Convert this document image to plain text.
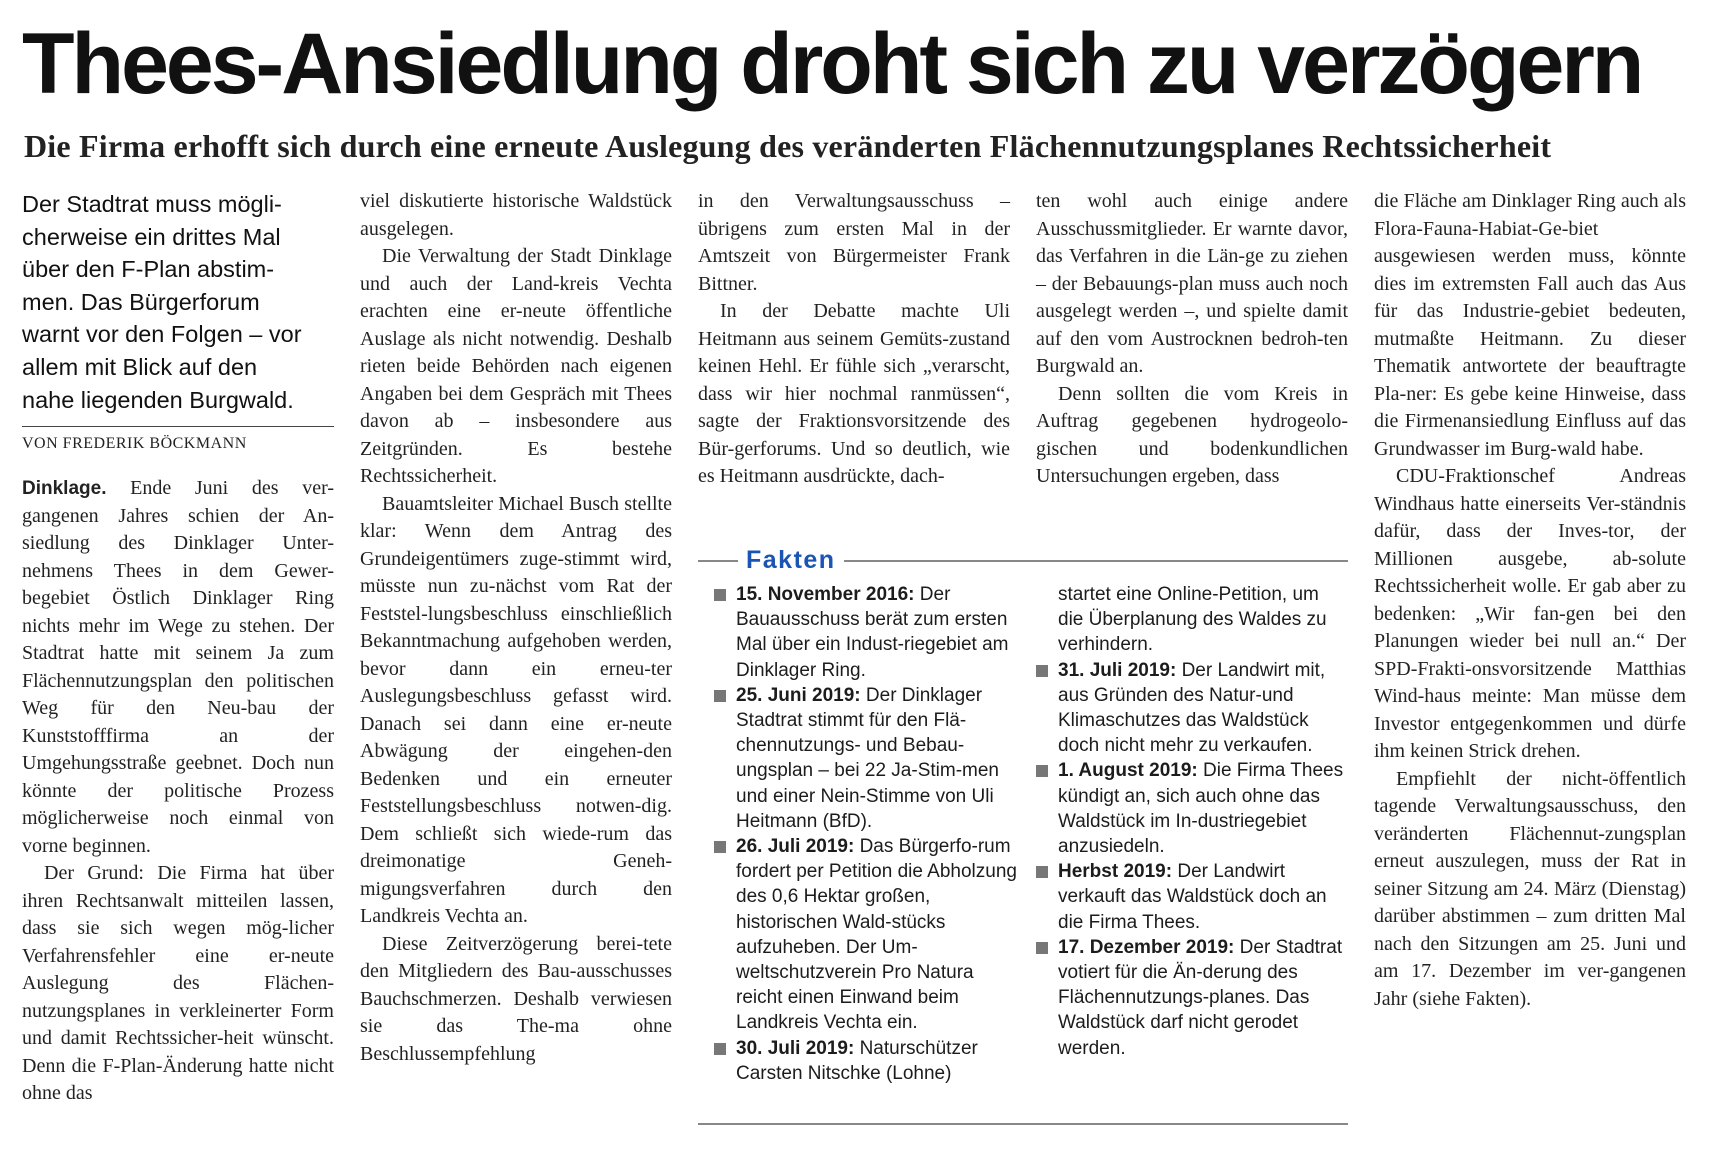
Thees-Ansiedlung droht sich zu verzögern
Die Firma erhofft sich durch eine erneute Auslegung des veränderten Flächennutzungsplanes Rechtssicherheit
Der Stadtrat muss mögli-
cherweise ein drittes Mal
über den F-Plan abstim-
men. Das Bürgerforum
warnt vor den Folgen – vor
allem mit Blick auf den
nahe liegenden Burgwald.
VON FREDERIK BÖCKMANN

Dinklage. Ende Juni des ver-gangenen Jahres schien der An-siedlung des Dinklager Unter-nehmens Thees in dem Gewer-begebiet Östlich Dinklager Ring nichts mehr im Wege zu stehen. Der Stadtrat hatte mit seinem Ja zum Flächennutzungsplan den politischen Weg für den Neu-bau der Kunststofffirma an der Umgehungsstraße geebnet. Doch nun könnte der politische Prozess möglicherweise noch einmal von vorne beginnen.

Der Grund: Die Firma hat über ihren Rechtsanwalt mitteilen lassen, dass sie sich wegen mög-licher Verfahrensfehler eine er-neute Auslegung des Flächen-nutzungsplanes in verkleinerter Form und damit Rechtssicher-heit wünscht. Denn die F-Plan-Änderung hatte nicht ohne das

viel diskutierte historische Waldstück ausgelegen.

Die Verwaltung der Stadt Dinklage und auch der Land-kreis Vechta erachten eine er-neute öffentliche Auslage als nicht notwendig. Deshalb rieten beide Behörden nach eigenen Angaben bei dem Gespräch mit Thees davon ab – insbesondere aus Zeitgründen. Es bestehe Rechtssicherheit.

Bauamtsleiter Michael Busch stellte klar: Wenn dem Antrag des Grundeigentümers zuge-stimmt wird, müsste nun zu-nächst vom Rat der Feststel-lungsbeschluss einschließlich Bekanntmachung aufgehoben werden, bevor dann ein erneu-ter Auslegungsbeschluss gefasst wird. Danach sei dann eine er-neute Abwägung der eingehen-den Bedenken und ein erneuter Feststellungsbeschluss notwen-dig. Dem schließt sich wiede-rum das dreimonatige Geneh-migungsverfahren durch den Landkreis Vechta an.

Diese Zeitverzögerung berei-tete den Mitgliedern des Bau-ausschusses Bauchschmerzen. Deshalb verwiesen sie das The-ma ohne Beschlussempfehlung

in den Verwaltungsausschuss – übrigens zum ersten Mal in der Amtszeit von Bürgermeister Frank Bittner.

In der Debatte machte Uli Heitmann aus seinem Gemüts-zustand keinen Hehl. Er fühle sich „verarscht, dass wir hier nochmal ranmüssen“, sagte der Fraktionsvorsitzende des Bür-gerforums. Und so deutlich, wie es Heitmann ausdrückte, dach-

ten wohl auch einige andere Ausschussmitglieder. Er warnte davor, das Verfahren in die Län-ge zu ziehen – der Bebauungs-plan muss auch noch ausgelegt werden –, und spielte damit auf den vom Austrocknen bedroh-ten Burgwald an.

Denn sollten die vom Kreis in Auftrag gegebenen hydrogeolo-gischen und bodenkundlichen Untersuchungen ergeben, dass

die Fläche am Dinklager Ring auch als Flora-Fauna-Habiat-Ge-biet ausgewiesen werden muss, könnte dies im extremsten Fall auch das Aus für das Industrie-gebiet bedeuten, mutmaßte Heitmann. Zu dieser Thematik antwortete der beauftragte Pla-ner: Es gebe keine Hinweise, dass die Firmenansiedlung Einfluss auf das Grundwasser im Burg-wald habe.

CDU-Fraktionschef Andreas Windhaus hatte einerseits Ver-ständnis dafür, dass der Inves-tor, der Millionen ausgebe, ab-solute Rechtssicherheit wolle. Er gab aber zu bedenken: „Wir fan-gen bei den Planungen wieder bei null an.“ Der SPD-Frakti-onsvorsitzende Matthias Wind-haus meinte: Man müsse dem Investor entgegenkommen und dürfe ihm keinen Strick drehen.

Empfiehlt der nicht-öffentlich tagende Verwaltungsausschuss, den veränderten Flächennut-zungsplan erneut auszulegen, muss der Rat in seiner Sitzung am 24. März (Dienstag) darüber abstimmen – zum dritten Mal nach den Sitzungen am 25. Juni und am 17. Dezember im ver-gangenen Jahr (siehe Fakten).

Fakten

15. November 2016: Der Bauausschuss berät zum ersten Mal über ein Indust-riegebiet am Dinklager Ring.

25. Juni 2019: Der Dinklager Stadtrat stimmt für den Flä-chennutzungs- und Bebau-ungsplan – bei 22 Ja-Stim-men und einer Nein-Stimme von Uli Heitmann (BfD).

26. Juli 2019: Das Bürgerfo-rum fordert per Petition die Abholzung des 0,6 Hektar großen, historischen Wald-stücks aufzuheben. Der Um-weltschutzverein Pro Natura reicht einen Einwand beim Landkreis Vechta ein.

30. Juli 2019: Naturschützer Carsten Nitschke (Lohne)

startet eine Online-Petition, um die Überplanung des Waldes zu verhindern.

31. Juli 2019: Der Landwirt mit, aus Gründen des Natur-und Klimaschutzes das Waldstück doch nicht mehr zu verkaufen.

1. August 2019: Die Firma Thees kündigt an, sich auch ohne das Waldstück im In-dustriegebiet anzusiedeln.

Herbst 2019: Der Landwirt verkauft das Waldstück doch an die Firma Thees.

17. Dezember 2019: Der Stadtrat votiert für die Än-derung des Flächennutzungs-planes. Das Waldstück darf nicht gerodet werden.
